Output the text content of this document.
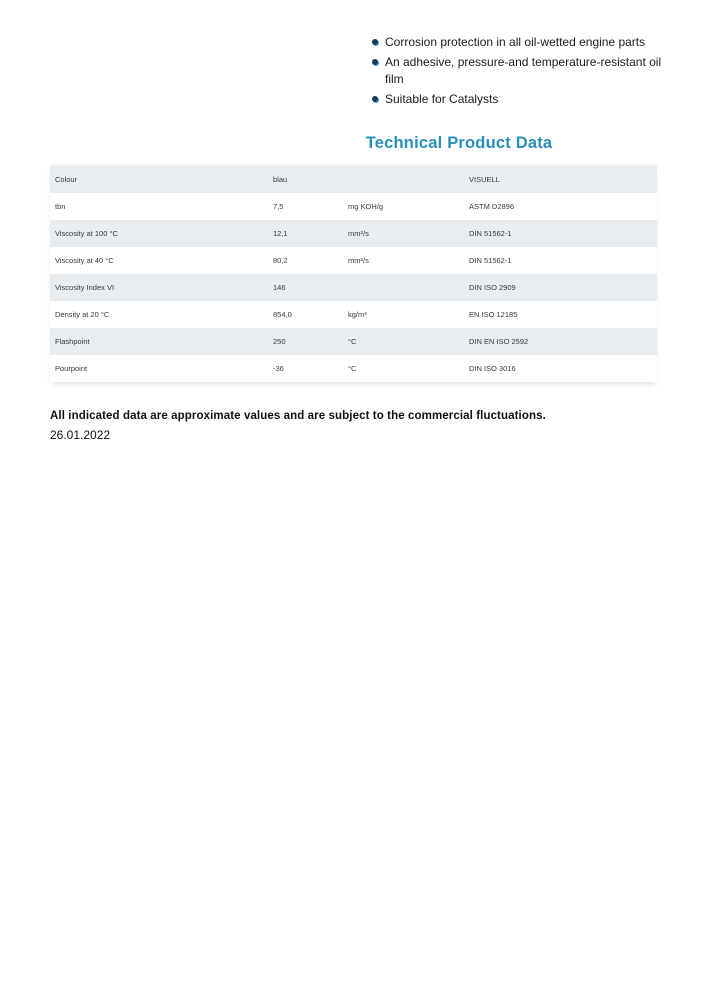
Corrosion protection in all oil-wetted engine parts
An adhesive, pressure-and temperature-resistant oil film
Suitable for Catalysts
Technical Product Data
Colour	blau		VISUELL
tbn	7,5	mg KOH/g	ASTM D2896
Viscosity at 100 °C	12,1	mm²/s	DIN 51562-1
Viscosity at 40 °C	80,2	mm²/s	DIN 51562-1
Viscosity Index VI	146		DIN ISO 2909
Density at 20 °C	854,0	kg/m³	EN ISO 12185
Flashpoint	250	°C	DIN EN ISO 2592
Pourpoint	-36	°C	DIN ISO 3016

All indicated data are approximate values and are subject to the commercial fluctuations.

26.01.2022
